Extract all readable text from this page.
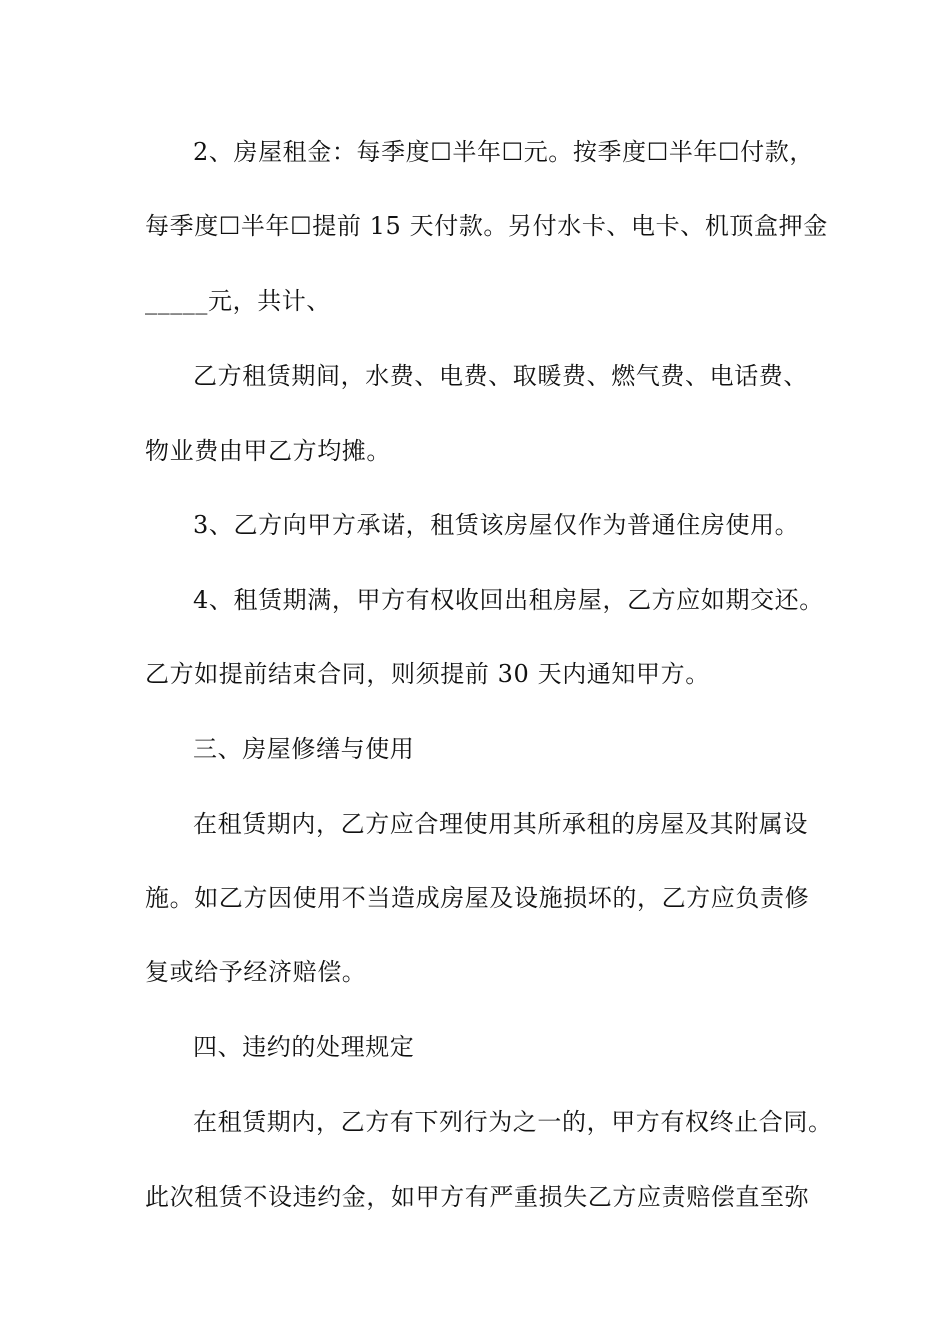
2、房屋租金：每季度☐半年☐元。按季度☐半年☐付款，

每季度☐半年☐提前 15 天付款。另付水卡、电卡、机顶盒押金

_____元，共计、

乙方租赁期间，水费、电费、取暖费、燃气费、电话费、

物业费由甲乙方均摊。

3、乙方向甲方承诺，租赁该房屋仅作为普通住房使用。

4、租赁期满，甲方有权收回出租房屋，乙方应如期交还。

乙方如提前结束合同，则须提前 30 天内通知甲方。

三、房屋修缮与使用

在租赁期内，乙方应合理使用其所承租的房屋及其附属设

施。如乙方因使用不当造成房屋及设施损坏的，乙方应负责修

复或给予经济赔偿。

四、违约的处理规定

在租赁期内，乙方有下列行为之一的，甲方有权终止合同。

此次租赁不设违约金，如甲方有严重损失乙方应责赔偿直至弥
